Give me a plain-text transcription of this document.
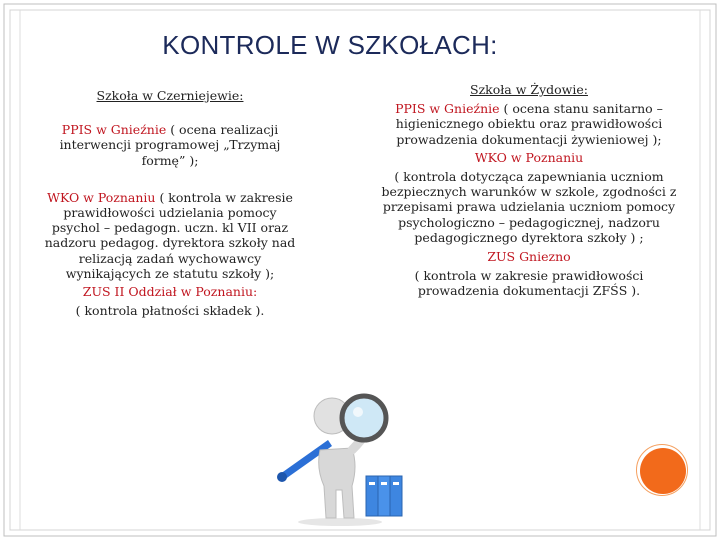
KONTROLE W SZKOŁACH:

Szkoła w Czerniejewie:

PPIS w Gnieźnie ( ocena realizacji interwencji programowej „Trzymaj formę” );

WKO w Poznaniu ( kontrola w zakresie prawidłowości udzielania pomocy psychol – pedagogn. uczn. kl VII oraz nadzoru pedagog. dyrektora szkoły nad relizacją zadań wychowawcy wynikających ze statutu szkoły );

ZUS II Oddział w Poznaniu:

( kontrola płatności składek ).

Szkoła w Żydowie:

PPIS w Gnieźnie ( ocena stanu sanitarno – higienicznego obiektu oraz prawidłowości prowadzenia dokumentacji żywieniowej );

WKO w Poznaniu

( kontrola dotycząca zapewniania uczniom bezpiecznych warunków w szkole, zgodności z przepisami prawa udzielania uczniom pomocy psychologiczno – pedagogicznej, nadzoru pedagogicznego dyrektora szkoły ) ;

ZUS Gniezno

( kontrola w zakresie prawidłowości prowadzenia dokumentacji ZFŚS ).
